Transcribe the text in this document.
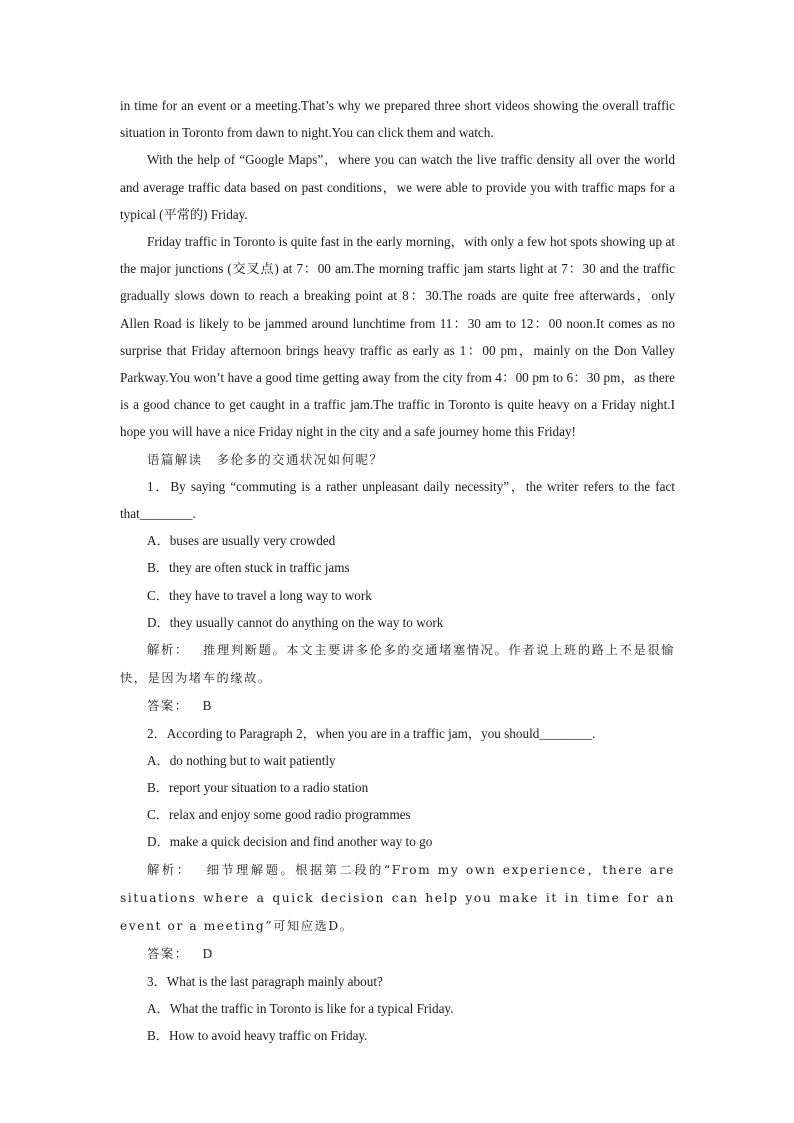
in time for an event or a meeting.That’s why we prepared three short videos showing the overall traffic situation in Toronto from dawn to night.You can click them and watch.

With the help of “Google Maps”，where you can watch the live traffic density all over the world and average traffic data based on past conditions，we were able to provide you with traffic maps for a typical (平常的) Friday.

Friday traffic in Toronto is quite fast in the early morning，with only a few hot spots showing up at the major junctions (交叉点) at 7：00 am.The morning traffic jam starts light at 7：30 and the traffic gradually slows down to reach a breaking point at 8：30.The roads are quite free afterwards，only Allen Road is likely to be jammed around lunchtime from 11：30 am to 12：00 noon.It comes as no surprise that Friday afternoon brings heavy traffic as early as 1：00 pm，mainly on the Don Valley Parkway.You won’t have a good time getting away from the city from 4：00 pm to 6：30 pm，as there is a good chance to get caught in a traffic jam.The traffic in Toronto is quite heavy on a Friday night.I hope you will have a nice Friday night in the city and a safe journey home this Friday!

语篇解读 多伦多的交通状况如何呢？

1．By saying “commuting is a rather unpleasant daily necessity”，the writer refers to the fact that________.

A．buses are usually very crowded

B．they are often stuck in traffic jams

C．they have to travel a long way to work

D．they usually cannot do anything on the way to work

解析： 推理判断题。本文主要讲多伦多的交通堵塞情况。作者说上班的路上不是很愉快，是因为堵车的缘故。

答案： B

2．According to Paragraph 2，when you are in a traffic jam，you should________.

A．do nothing but to wait patiently

B．report your situation to a radio station

C．relax and enjoy some good radio programmes

D．make a quick decision and find another way to go

解析： 细节理解题。根据第二段的“From my own experience，there are situations where a quick decision can help you make it in time for an event or a meeting”可知应选D。

答案： D

3．What is the last paragraph mainly about?

A．What the traffic in Toronto is like for a typical Friday.

B．How to avoid heavy traffic on Friday.
